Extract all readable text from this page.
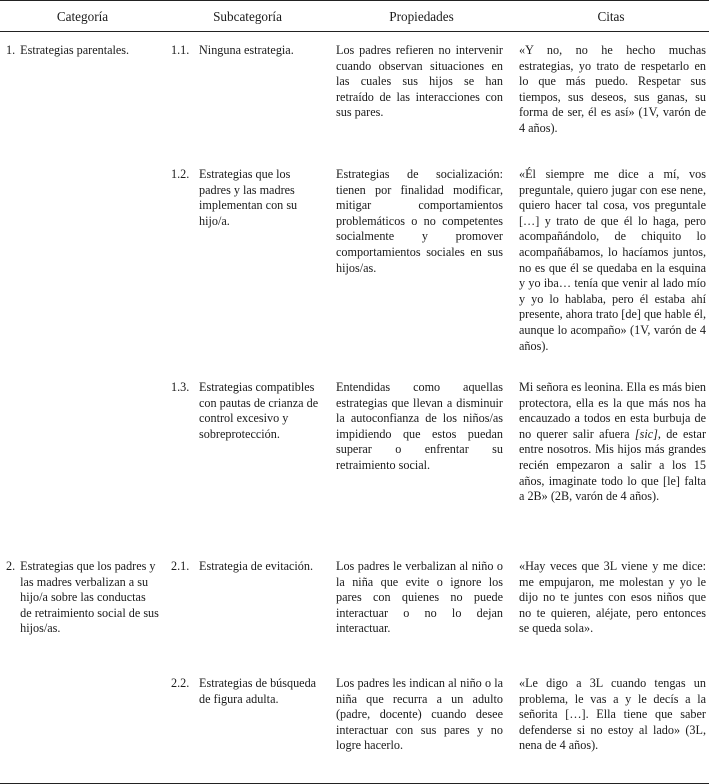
Categoría	Subcategoría	Propiedades	Citas

1. Estrategias parentales.	1.1. Ninguna estrategia.	Los padres refieren no intervenir cuando observan situaciones en las cuales sus hijos se han retraído de las interacciones con sus pares.	«Y no, no he hecho muchas estrategias, yo trato de respetarlo en lo que más puedo. Respetar sus tiempos, sus deseos, sus ganas, su forma de ser, él es así» (1V, varón de 4 años).

	1.2. Estrategias que los padres y las madres implementan con su hijo/a.	Estrategias de socialización: tienen por finalidad modificar, mitigar comportamientos problemáticos o no competentes socialmente y promover comportamientos sociales en sus hijos/as.	«Él siempre me dice a mí, vos preguntale, quiero jugar con ese nene, quiero hacer tal cosa, vos preguntale […] y trato de que él lo haga, pero acompañándolo, de chiquito lo acompañábamos, lo hacíamos juntos, no es que él se quedaba en la esquina y yo iba… tenía que venir al lado mío y yo lo hablaba, pero él estaba ahí presente, ahora trato [de] que hable él, aunque lo acompaño» (1V, varón de 4 años).

	1.3. Estrategias compatibles con pautas de crianza de control excesivo y sobreprotección.	Entendidas como aquellas estrategias que llevan a disminuir la autoconfianza de los niños/as impidiendo que estos puedan superar o enfrentar su retraimiento social.	Mi señora es leonina. Ella es más bien protectora, ella es la que más nos ha encauzado a todos en esta burbuja de no querer salir afuera [sic], de estar entre nosotros. Mis hijos más grandes recién empezaron a salir a los 15 años, imaginate todo lo que [le] falta a 2B» (2B, varón de 4 años).

2. Estrategias que los padres y las madres verbalizan a su hijo/a sobre las conductas de retraimiento social de sus hijos/as.	2.1. Estrategia de evitación.	Los padres le verbalizan al niño o la niña que evite o ignore los pares con quienes no puede interactuar o no lo dejan interactuar.	«Hay veces que 3L viene y me dice: me empujaron, me molestan y yo le dijo no te juntes con esos niños que no te quieren, aléjate, pero entonces se queda sola».

	2.2. Estrategias de búsqueda de figura adulta.	Los padres les indican al niño o la niña que recurra a un adulto (padre, docente) cuando desee interactuar con sus pares y no logre hacerlo.	«Le digo a 3L cuando tengas un problema, le vas a y le decís a la señorita […]. Ella tiene que saber defenderse si no estoy al lado» (3L, nena de 4 años).
